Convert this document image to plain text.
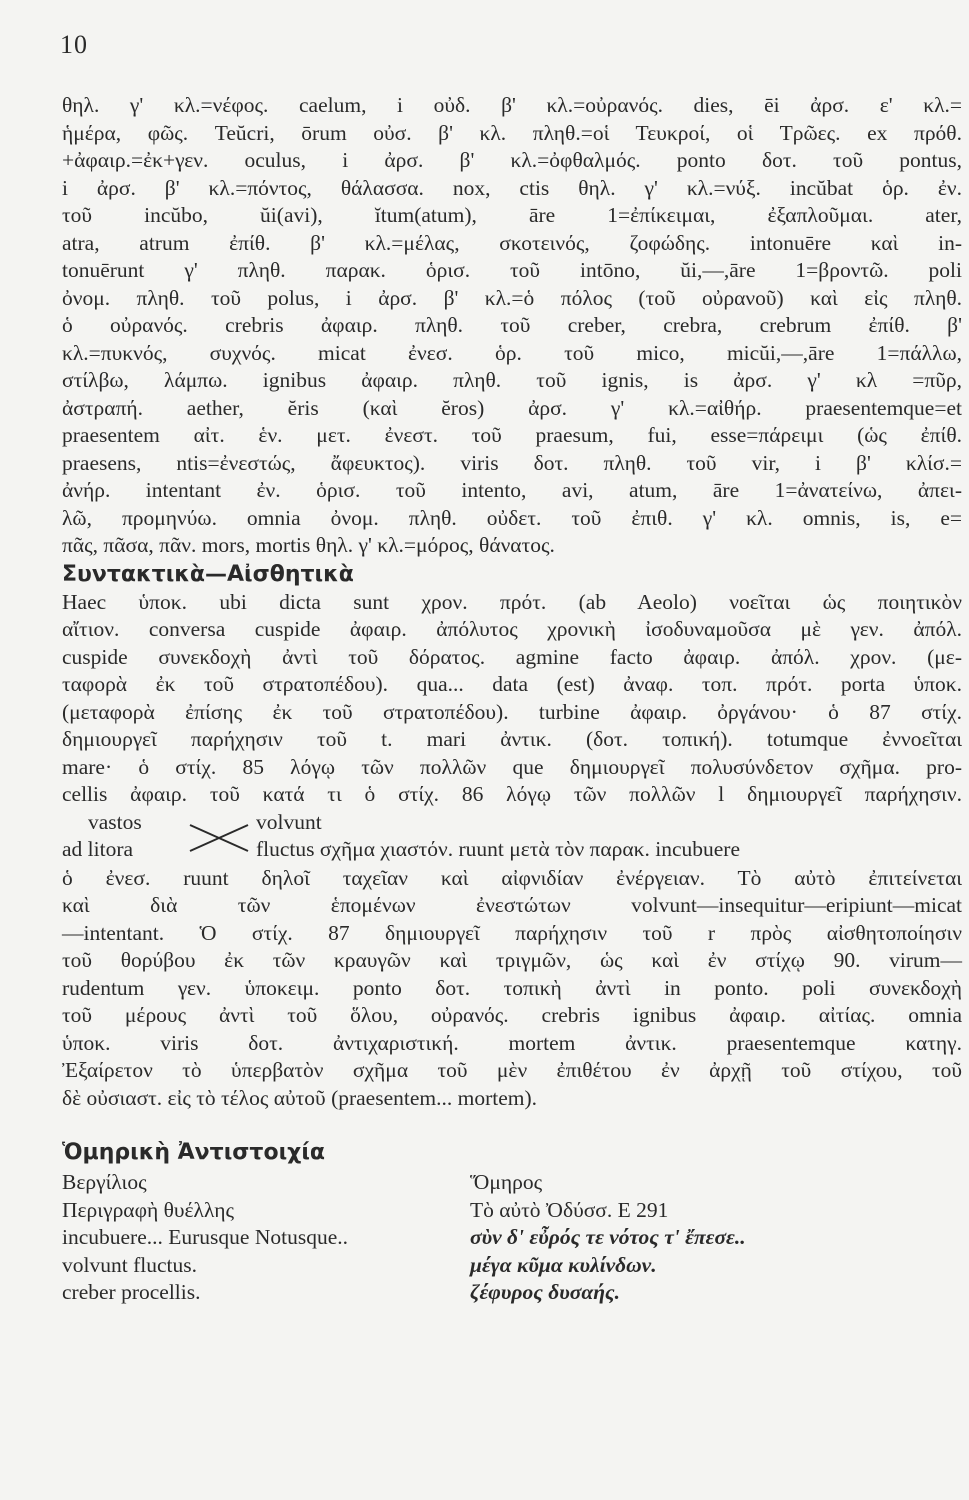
10
θηλ. γ' κλ.=νέφος. caelum, i οὐδ. β' κλ.=οὐρανός. dies, ēi ἀρσ. ε' κλ.=
ἡμέρα, φῶς. Teŭcri, ōrum οὐσ. β' κλ. πληθ.=οἱ Τευκροί, οἱ Τρῶες. ex πρόθ.
+ἀφαιρ.=ἐκ+γεν. oculus, i ἀρσ. β' κλ.=ὀφθαλμός. ponto δοτ. τοῦ pontus,
i ἀρσ. β' κλ.=πόντος, θάλασσα. nox, ctis θηλ. γ' κλ.=νύξ. incŭbat ὁρ. ἐν.
τοῦ incŭbo, ŭi(avi), ĭtum(atum), āre 1=ἐπίκειμαι, ἐξαπλοῦμαι. ater,
atra, atrum ἐπίθ. β' κλ.=μέλας, σκοτεινός, ζοφώδης. intonuēre καὶ in-
tonuērunt γ' πληθ. παρακ. ὁρισ. τοῦ intōno, ŭi,—,āre 1=βροντῶ. poli
ὀνομ. πληθ. τοῦ polus, i ἀρσ. β' κλ.=ὁ πόλος (τοῦ οὐρανοῦ) καὶ εἰς πληθ.
ὁ οὐρανός. crebris ἀφαιρ. πληθ. τοῦ creber, crebra, crebrum ἐπίθ. β'
κλ.=πυκνός, συχνός. micat ἐνεσ. ὁρ. τοῦ mico, micŭi,—,āre 1=πάλλω,
στίλβω, λάμπω. ignibus ἀφαιρ. πληθ. τοῦ ignis, is ἀρσ. γ' κλ =πῦρ,
ἀστραπή. aether, ĕris (καὶ ĕros) ἀρσ. γ' κλ.=αἰθήρ. praesentemque=et
praesentem αἰτ. ἑν. μετ. ἐνεστ. τοῦ praesum, fui, esse=πάρειμι (ὡς ἐπίθ.
praesens, ntis=ἐνεστώς, ἄφευκτος). viris δοτ. πληθ. τοῦ vir, i β' κλίσ.=
ἀνήρ. intentant ἐν. ὁρισ. τοῦ intento, avi, atum, āre 1=ἀνατείνω, ἀπει-
λῶ, προμηνύω. omnia ὀνομ. πληθ. οὐδετ. τοῦ ἐπιθ. γ' κλ. omnis, is, e=
πᾶς, πᾶσα, πᾶν. mors, mortis θηλ. γ' κλ.=μόρος, θάνατος.
Συντακτικὰ—Αἰσθητικὰ
Haec ὑποκ. ubi dicta sunt χρον. πρότ. (ab Aeolo) νοεῖται ὡς ποιητικὸν
αἴτιον. conversa cuspide ἀφαιρ. ἀπόλυτος χρονικὴ ἰσοδυναμοῦσα μὲ γεν. ἀπόλ.
cuspide συνεκδοχὴ ἀντὶ τοῦ δόρατος. agmine facto ἀφαιρ. ἀπόλ. χρον. (με-
ταφορὰ ἐκ τοῦ στρατοπέδου). qua... data (est) ἀναφ. τοπ. πρότ. porta ὑποκ.
(μεταφορὰ ἐπίσης ἐκ τοῦ στρατοπέδου). turbine ἀφαιρ. ὀργάνου· ὁ 87 στίχ.
δημιουργεῖ παρήχησιν τοῦ t. mari ἀντικ. (δοτ. τοπική). totumque ἐννοεῖται
mare· ὁ στίχ. 85 λόγῳ τῶν πολλῶν que δημιουργεῖ πολυσύνδετον σχῆμα. pro-
cellis ἀφαιρ. τοῦ κατά τι ὁ στίχ. 86 λόγῳ τῶν πολλῶν l δημιουργεῖ παρήχησιν.
vastos	volvunt
ad litora	fluctus σχῆμα χιαστόν. ruunt μετὰ τὸν παρακ. incubuere
ὁ ἐνεσ. ruunt δηλοῖ ταχεῖαν καὶ αἰφνιδίαν ἐνέργειαν. Τὸ αὐτὸ ἐπιτείνεται
καὶ διὰ τῶν ἑπομένων ἐνεστώτων volvunt—insequitur—eripiunt—micat
—intentant. Ὁ στίχ. 87 δημιουργεῖ παρήχησιν τοῦ r πρὸς αἰσθητοποίησιν
τοῦ θορύβου ἐκ τῶν κραυγῶν καὶ τριγμῶν, ὡς καὶ ἐν στίχῳ 90. virum—
rudentum γεν. ὑποκειμ. ponto δοτ. τοπικὴ ἀντὶ in ponto. poli συνεκδοχὴ
τοῦ μέρους ἀντὶ τοῦ ὅλου, οὐρανός. crebris ignibus ἀφαιρ. αἰτίας. omnia
ὑποκ. viris δοτ. ἀντιχαριστική. mortem ἀντικ. praesentemque κατηγ.
Ἐξαίρετον τὸ ὑπερβατὸν σχῆμα τοῦ μὲν ἐπιθέτου ἐν ἀρχῇ τοῦ στίχου, τοῦ
δὲ οὐσιαστ. εἰς τὸ τέλος αὐτοῦ (praesentem... mortem).
Ὁμηρικὴ Ἀντιστοιχία
Βεργίλιος	Ὅμηρος
Περιγραφὴ θυέλλης	Τὸ αὐτὸ Ὀδύσσ. Ε 291
incubuere... Eurusque Notusque..	σὺν δ' εὖρός τε νότος τ' ἔπεσε..
volvunt fluctus.	μέγα κῦμα κυλίνδων.
creber procellis.	ζέφυρος δυσαής.
